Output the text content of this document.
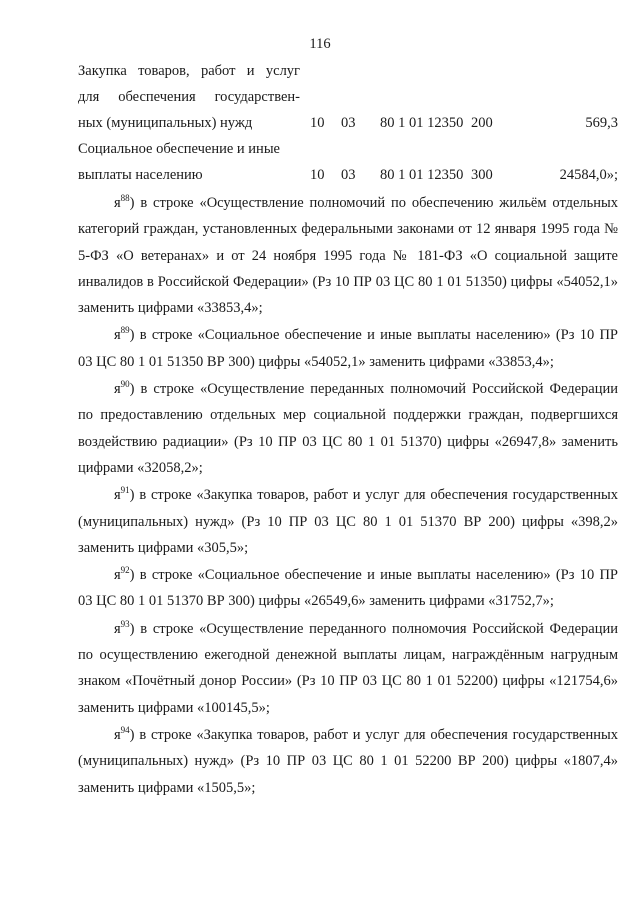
116
Закупка товаров, работ и услуг
для обеспечения государствен-
ных (муниципальных) нужд	10 03 80 1 01 12350 200	569,3
Социальное обеспечение и иные
выплаты населению	10 03 80 1 01 12350 300	24584,0»;

$я^{88}$) в строке «Осуществление полномочий по обеспечению жильём отдельных категорий граждан, установленных федеральными законами от 12 января 1995 года № 5-ФЗ «О ветеранах» и от 24 ноября 1995 года № 181-ФЗ «О социальной защите инвалидов в Российской Федерации» (Рз 10 ПР 03 ЦС 80 1 01 51350) цифры «54052,1» заменить цифрами «33853,4»;

$я^{89}$) в строке «Социальное обеспечение и иные выплаты населению» (Рз 10 ПР 03 ЦС 80 1 01 51350 ВР 300) цифры «54052,1» заменить цифрами «33853,4»;

$я^{90}$) в строке «Осуществление переданных полномочий Российской Федерации по предоставлению отдельных мер социальной поддержки граждан, подвергшихся воздействию радиации» (Рз 10 ПР 03 ЦС 80 1 01 51370) цифры «26947,8» заменить цифрами «32058,2»;

$я^{91}$) в строке «Закупка товаров, работ и услуг для обеспечения государственных (муниципальных) нужд» (Рз 10 ПР 03 ЦС 80 1 01 51370 ВР 200) цифры «398,2» заменить цифрами «305,5»;

$я^{92}$) в строке «Социальное обеспечение и иные выплаты населению» (Рз 10 ПР 03 ЦС 80 1 01 51370 ВР 300) цифры «26549,6» заменить цифрами «31752,7»;

$я^{93}$) в строке «Осуществление переданного полномочия Российской Федерации по осуществлению ежегодной денежной выплаты лицам, награждённым нагрудным знаком «Почётный донор России» (Рз 10 ПР 03 ЦС 80 1 01 52200) цифры «121754,6» заменить цифрами «100145,5»;

$я^{94}$) в строке «Закупка товаров, работ и услуг для обеспечения государственных (муниципальных) нужд» (Рз 10 ПР 03 ЦС 80 1 01 52200 ВР 200) цифры «1807,4» заменить цифрами «1505,5»;
